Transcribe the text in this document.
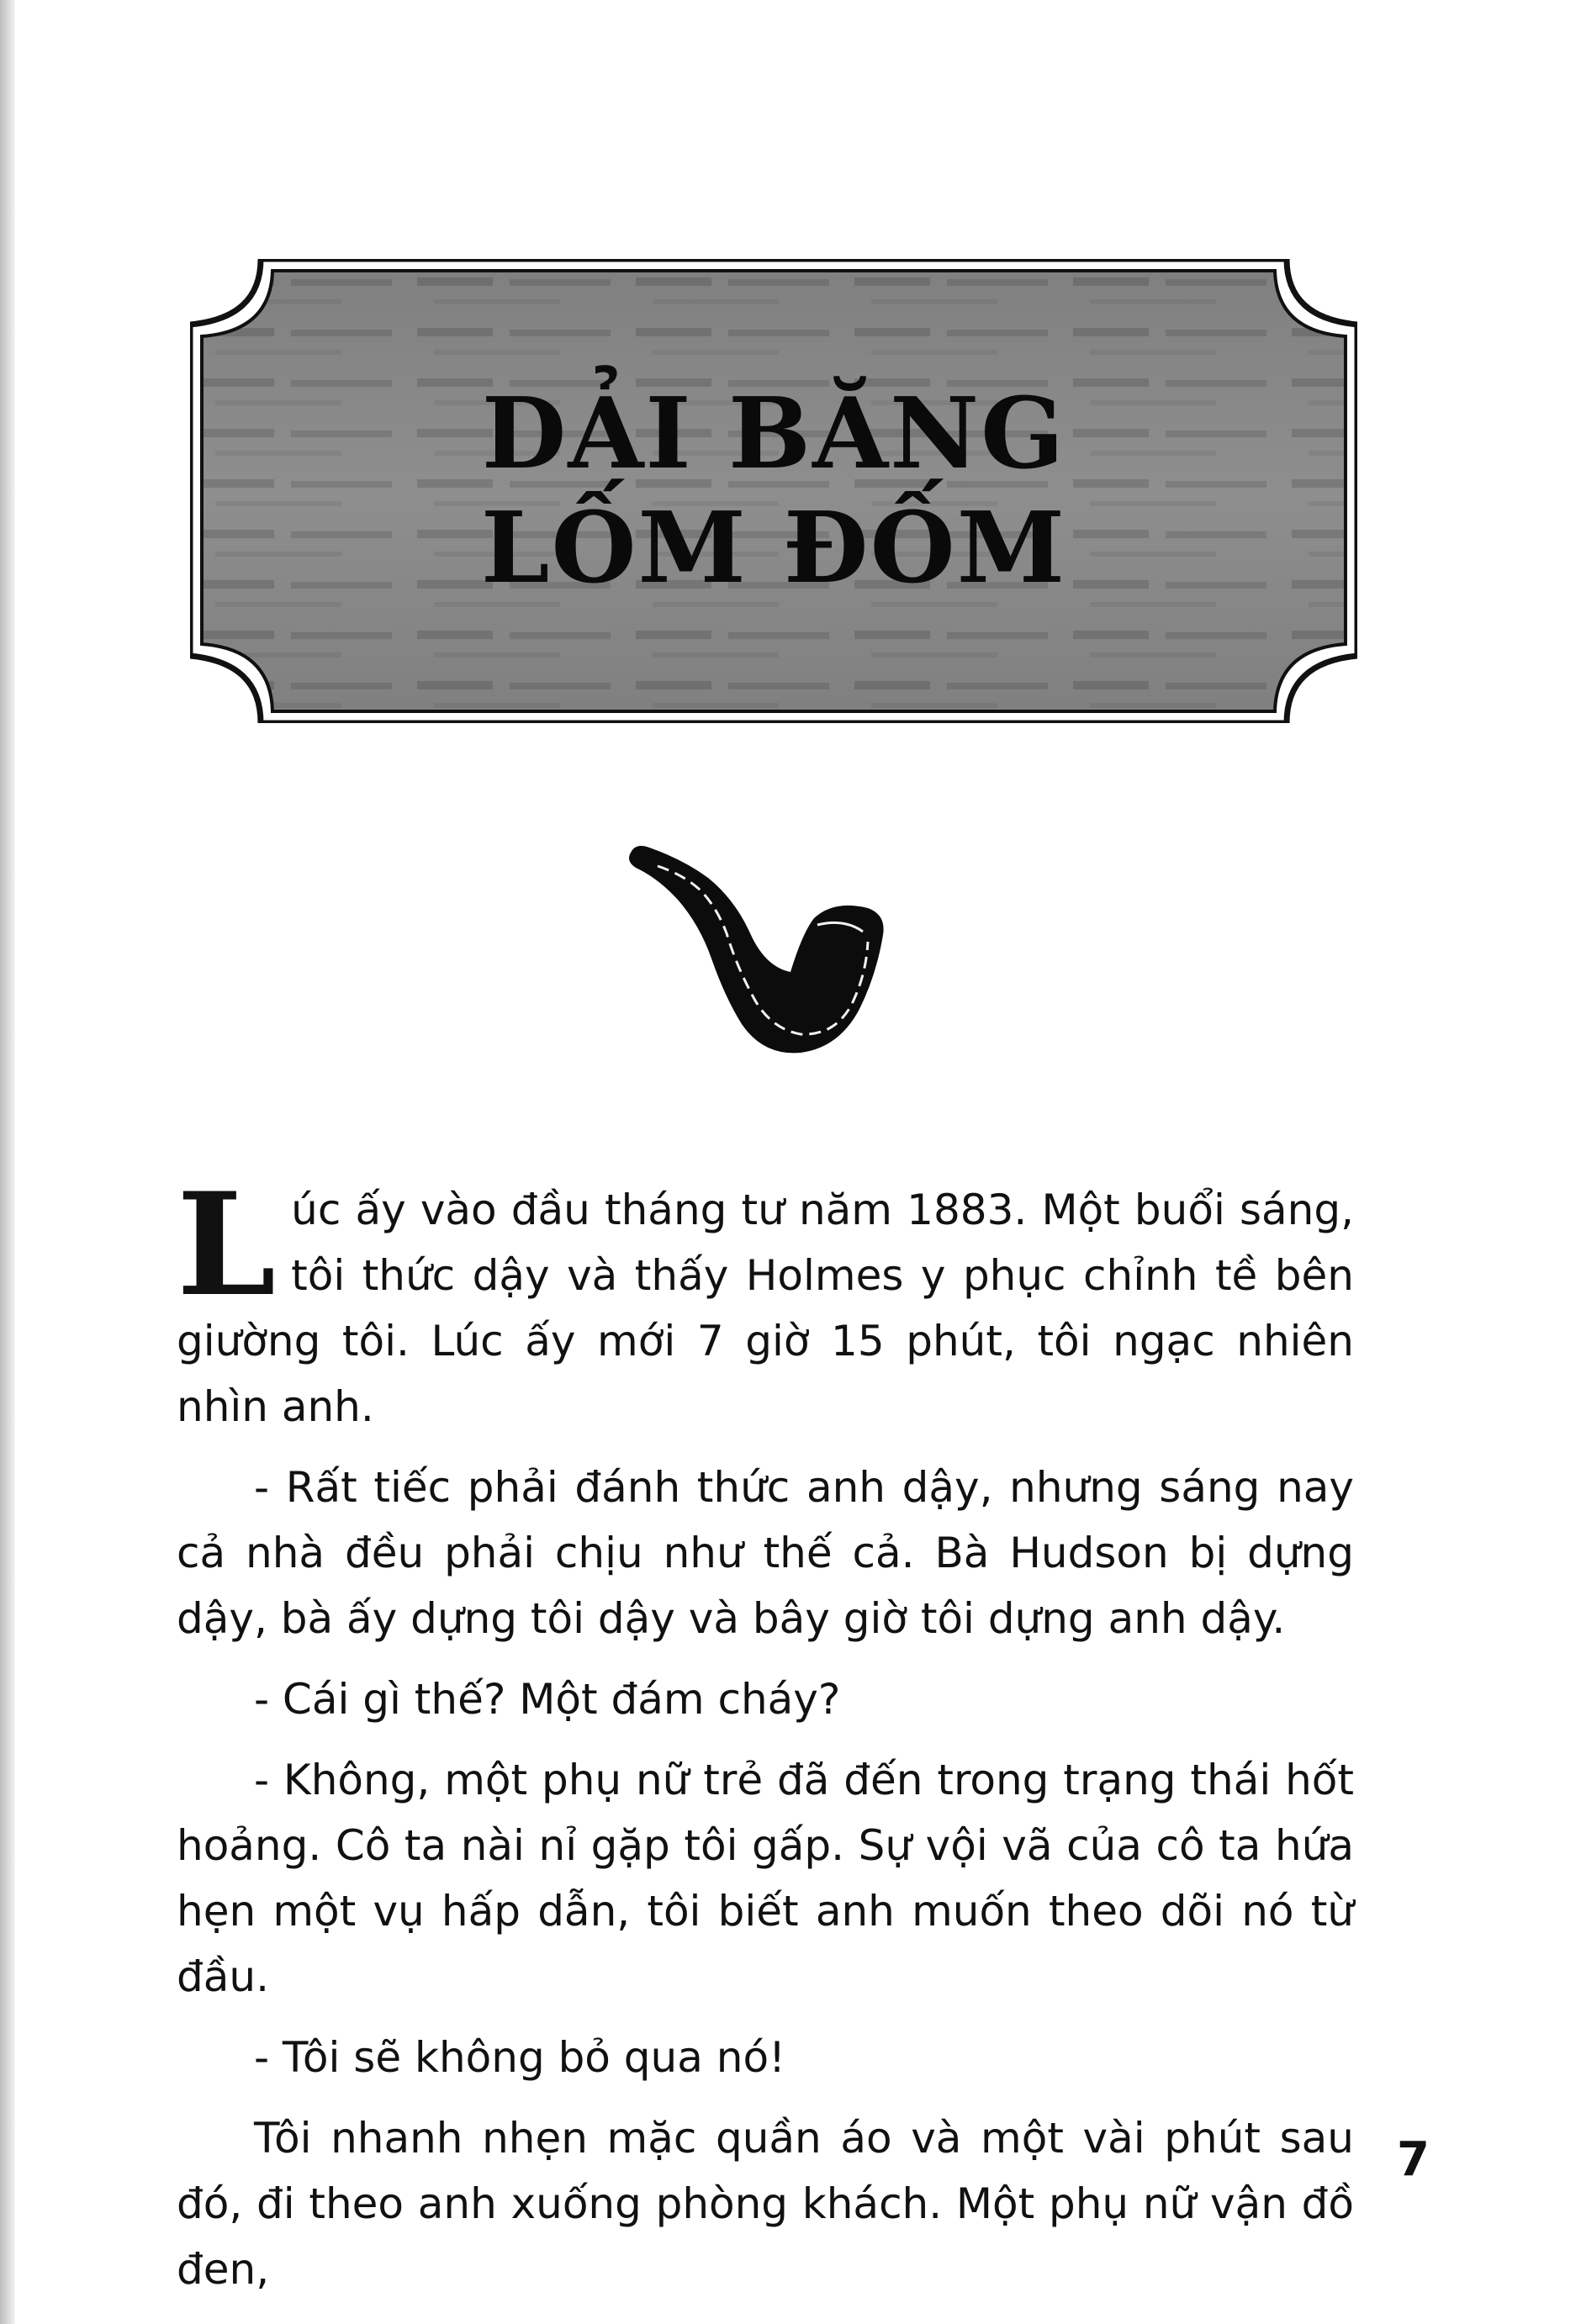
DẢI BĂNG
LỐM ĐỐM

Lúc ấy vào đầu tháng tư năm 1883. Một buổi sáng, tôi thức dậy và thấy Holmes y phục chỉnh tề bên giường tôi. Lúc ấy mới 7 giờ 15 phút, tôi ngạc nhiên nhìn anh.

- Rất tiếc phải đánh thức anh dậy, nhưng sáng nay cả nhà đều phải chịu như thế cả. Bà Hudson bị dựng dậy, bà ấy dựng tôi dậy và bây giờ tôi dựng anh dậy.

- Cái gì thế? Một đám cháy?

- Không, một phụ nữ trẻ đã đến trong trạng thái hốt hoảng. Cô ta nài nỉ gặp tôi gấp. Sự vội vã của cô ta hứa hẹn một vụ hấp dẫn, tôi biết anh muốn theo dõi nó từ đầu.

- Tôi sẽ không bỏ qua nó!

Tôi nhanh nhẹn mặc quần áo và một vài phút sau đó, đi theo anh xuống phòng khách. Một phụ nữ vận đồ đen,

7
